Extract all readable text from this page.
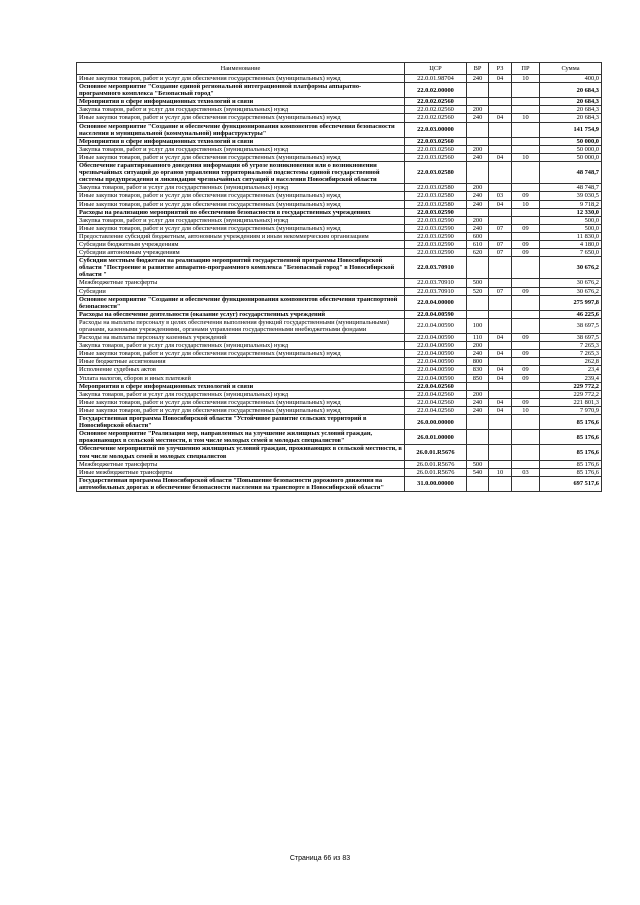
Наименование	ЦСР	ВР	РЗ	ПР	Сумма
Иные закупки товаров, работ и услуг для обеспечения государственных (муниципальных) нужд	22.0.01.98704	240	04	10	400,0
Основное мероприятие "Создание единой региональной интеграционной платформы аппаратно-программного комплекса "Безопасный город"	22.0.02.00000				20 684,3
Мероприятия в сфере информационных технологий и связи	22.0.02.02560				20 684,3
Закупка товаров, работ и услуг для государственных (муниципальных) нужд	22.0.02.02560	200			20 684,3
Иные закупки товаров, работ и услуг для обеспечения государственных (муниципальных) нужд	22.0.02.02560	240	04	10	20 684,3
Основное мероприятие "Создание и обеспечение функционирования компонентов обеспечения безопасности населения и муниципальной (коммунальной) инфраструктуры"	22.0.03.00000				141 754,9
Мероприятия в сфере информационных технологий и связи	22.0.03.02560				50 000,0
Закупка товаров, работ и услуг для государственных (муниципальных) нужд	22.0.03.02560	200			50 000,0
Иные закупки товаров, работ и услуг для обеспечения государственных (муниципальных) нужд	22.0.03.02560	240	04	10	50 000,0
Обеспечение гарантированного доведения информации об угрозе возникновения или о возникновении чрезвычайных ситуаций до органов управления территориальной подсистемы единой государственной системы предупреждения и ликвидации чрезвычайных ситуаций и населения Новосибирской области	22.0.03.02580				48 748,7
Закупка товаров, работ и услуг для государственных (муниципальных) нужд	22.0.03.02580	200			48 748,7
Иные закупки товаров, работ и услуг для обеспечения государственных (муниципальных) нужд	22.0.03.02580	240	03	09	39 030,5
Иные закупки товаров, работ и услуг для обеспечения государственных (муниципальных) нужд	22.0.03.02580	240	04	10	9 718,2
Расходы на реализацию мероприятий по обеспечению безопасности в государственных учреждениях	22.0.03.02590				12 330,0
Закупка товаров, работ и услуг для государственных (муниципальных) нужд	22.0.03.02590	200			500,0
Иные закупки товаров, работ и услуг для обеспечения государственных (муниципальных) нужд	22.0.03.02590	240	07	09	500,0
Предоставление субсидий бюджетным, автономным учреждениям и иным некоммерческим организациям	22.0.03.02590	600			11 830,0
Субсидии бюджетным учреждениям	22.0.03.02590	610	07	09	4 180,0
Субсидии автономным учреждениям	22.0.03.02590	620	07	09	7 650,0
Субсидии местным бюджетам на реализацию мероприятий государственной программы Новосибирской области "Построение и развитие аппаратно-программного комплекса "Безопасный город" в Новосибирской области "	22.0.03.70910				30 676,2
Межбюджетные трансферты	22.0.03.70910	500			30 676,2
Субсидии	22.0.03.70910	520	07	09	30 676,2
Основное мероприятие "Создание и обеспечение функционирования компонентов обеспечения транспортной безопасности"	22.0.04.00000				275 997,8
Расходы на обеспечение деятельности (оказание услуг) государственных учреждений	22.0.04.00590				46 225,6
Расходы на выплаты персоналу в целях обеспечения выполнения функций государственными (муниципальными) органами, казенными учреждениями, органами управления государственными внебюджетными фондами	22.0.04.00590	100			38 697,5
Расходы на выплаты персоналу казенных учреждений	22.0.04.00590	110	04	09	38 697,5
Закупка товаров, работ и услуг для государственных (муниципальных) нужд	22.0.04.00590	200			7 265,3
Иные закупки товаров, работ и услуг для обеспечения государственных (муниципальных) нужд	22.0.04.00590	240	04	09	7 265,3
Иные бюджетные ассигнования	22.0.04.00590	800			262,8
Исполнение судебных актов	22.0.04.00590	830	04	09	23,4
Уплата налогов, сборов и иных платежей	22.0.04.00590	850	04	09	239,4
Мероприятия в сфере информационных технологий и связи	22.0.04.02560				229 772,2
Закупка товаров, работ и услуг для государственных (муниципальных) нужд	22.0.04.02560	200			229 772,2
Иные закупки товаров, работ и услуг для обеспечения государственных (муниципальных) нужд	22.0.04.02560	240	04	09	221 801,3
Иные закупки товаров, работ и услуг для обеспечения государственных (муниципальных) нужд	22.0.04.02560	240	04	10	7 970,9
Государственная программа Новосибирской области "Устойчивое развитие сельских территорий в Новосибирской области"	26.0.00.00000				85 176,6
Основное мероприятие "Реализация мер, направленных на улучшение жилищных условий граждан, проживающих в сельской местности, в том числе молодых семей и молодых специалистов"	26.0.01.00000				85 176,6
Обеспечение мероприятий по улучшению жилищных условий граждан, проживающих в сельской местности, в том числе молодых семей и молодых специалистов	26.0.01.R5676				85 176,6
Межбюджетные трансферты	26.0.01.R5676	500			85 176,6
Иные межбюджетные трансферты	26.0.01.R5676	540	10	03	85 176,6
Государственная программа Новосибирской области "Повышение безопасности дорожного движения на автомобильных дорогах и обеспечение безопасности населения на транспорте в Новосибирской области"	31.0.00.00000				697 517,6
Страница 66 из 83
